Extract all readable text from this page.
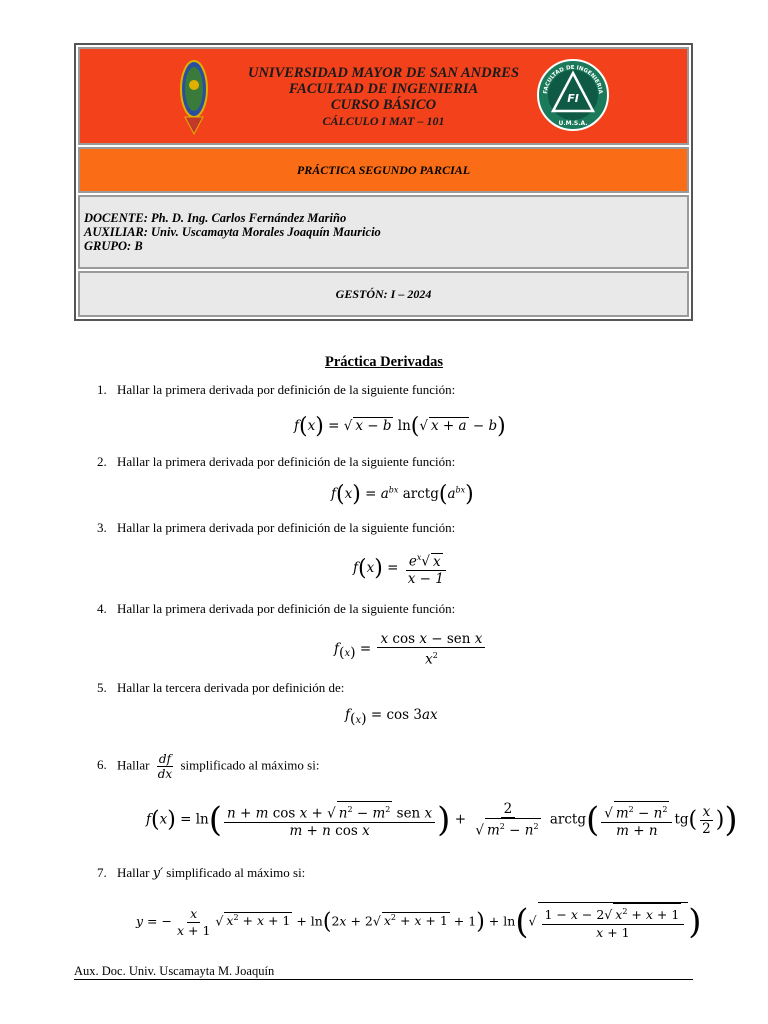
UNIVERSIDAD MAYOR DE SAN ANDRES
FACULTAD DE INGENIERIA
CURSO BÁSICO
CÁLCULO I MAT – 101
FI
FACULTAD DE INGENIERIA
U.M.S.A.
PRÁCTICA SEGUNDO PARCIAL
DOCENTE: Ph. D. Ing. Carlos Fernández Mariño
AUXILIAR: Univ. Uscamayta Morales Joaquín Mauricio
GRUPO: B
GESTÓN: I – 2024
Práctica Derivadas
1. Hallar la primera derivada por definición de la siguiente función:
f(x) = √ x − b ln(√ x + a − b)
2. Hallar la primera derivada por definición de la siguiente función:
$f(x) = a^{bx}$ $arctg(a^{bx})$
3. Hallar la primera derivada por definición de la siguiente función:
$f(x) = \frac{e^x√ x}{x - 1}$
4. Hallar la primera derivada por definición de la siguiente función:
$f_{(x)} = \frac{\text{x cos x − sen x}}{x^2}$
5. Hallar la tercera derivada por definición de:
$f_{(x)} = \cos 3ax$
6. Hallar $\frac{df}{dx}$ simplificado al máximo si:
$f(x) = \ln( \frac{n + m \cos x + √ n^2 - m^2 sen x}{\text{m + n cos x}}$ ) + $\frac{2}{√ m^2 - n^2}$ arctg( $\frac{√ m^2 - n^2}{m + n} tg( \frac{x}{2}$ ))
7. Hallar y′ simplificado al máximo si:
y = − $\frac{x}{x + 1}$ √ $x^2 + x + 1 + \ln(2x + 2√$ $x^2 + x + 1 + 1) + \ln(√ \frac{1 - x - 2√ x^2 + x + 1}{x + 1}$ )
Aux. Doc. Univ. Uscamayta M. Joaquín
